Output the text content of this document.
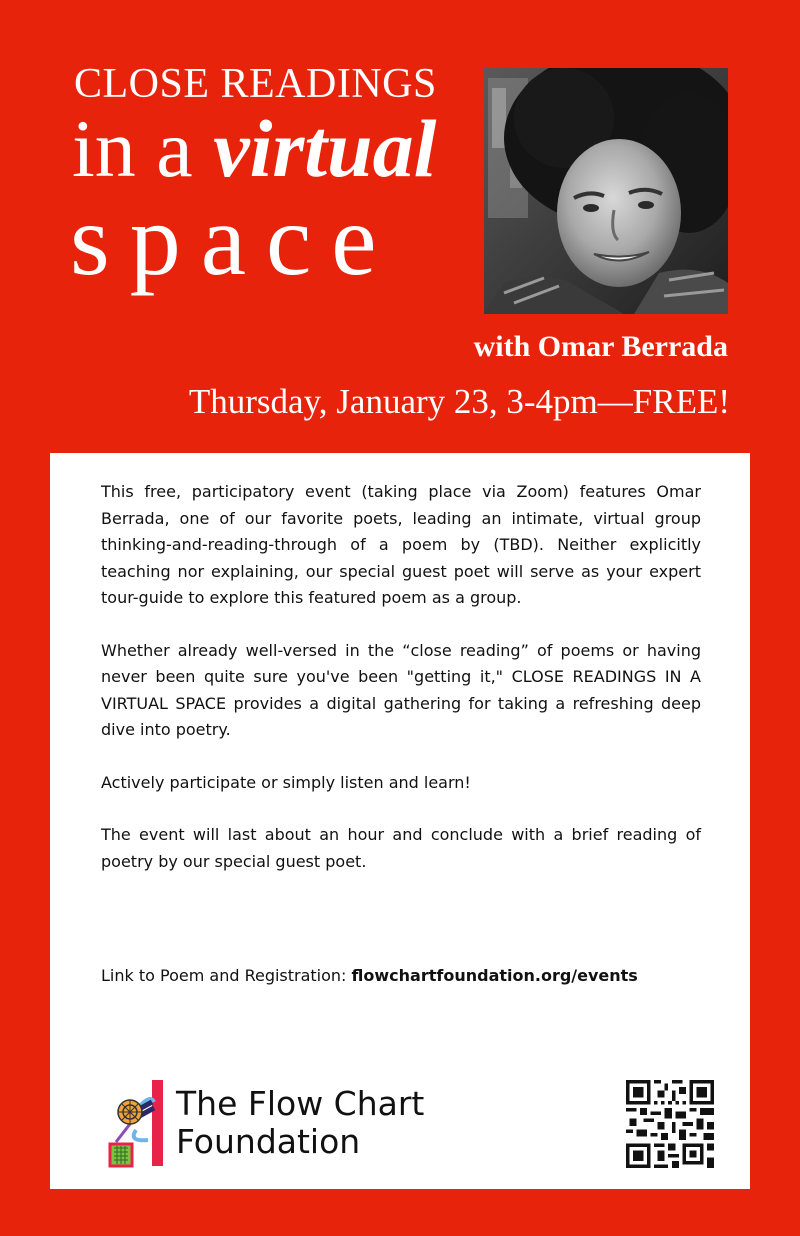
CLOSE READINGS
in a virtual
space
with Omar Berrada
Thursday, January 23, 3-4pm—FREE!

This free, participatory event (taking place via Zoom) features Omar Berrada, one of our favorite poets, leading an intimate, virtual group thinking-and-reading-through of a poem by (TBD). Neither explicitly teaching nor explaining, our special guest poet will serve as your expert tour-guide to explore this featured poem as a group.

Whether already well-versed in the “close reading” of poems or having never been quite sure you've been "getting it," CLOSE READINGS IN A VIRTUAL SPACE provides a digital gathering for taking a refreshing deep dive into poetry.

Actively participate or simply listen and learn!

The event will last about an hour and conclude with a brief reading of poetry by our special guest poet.

Link to Poem and Registration: flowchartfoundation.org/events
The Flow Chart
Foundation
